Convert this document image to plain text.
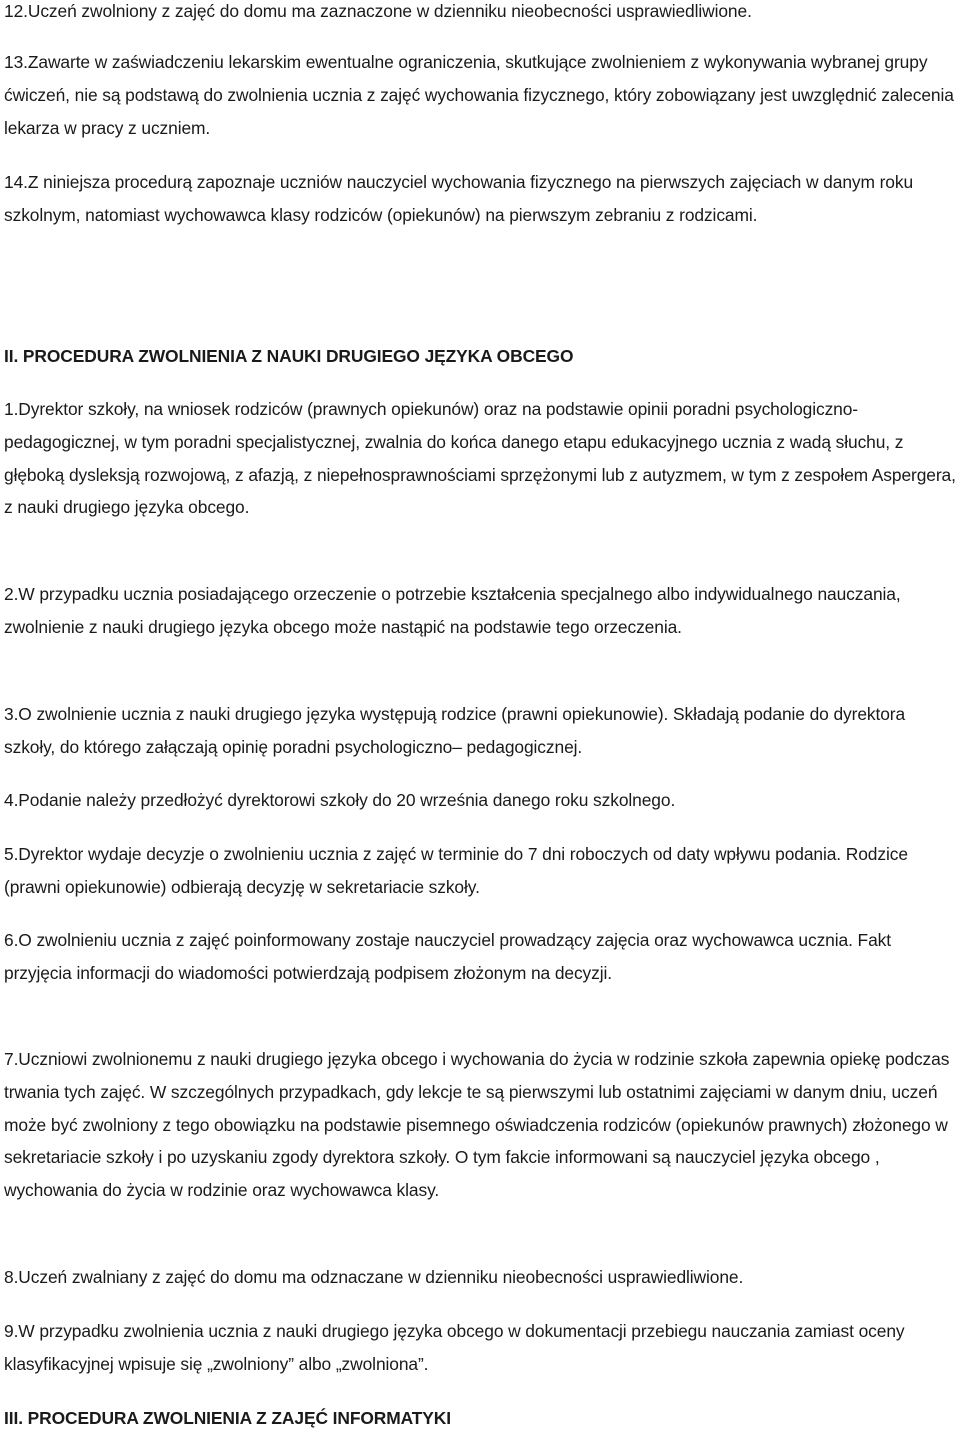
12.Uczeń zwolniony z zajęć do domu ma zaznaczone w dzienniku nieobecności usprawiedliwione.

13.Zawarte w zaświadczeniu lekarskim ewentualne ograniczenia, skutkujące zwolnieniem z wykonywania wybranej grupy ćwiczeń, nie są podstawą do zwolnienia ucznia z zajęć wychowania fizycznego, który zobowiązany jest uwzględnić zalecenia lekarza w pracy z uczniem.

14.Z niniejsza procedurą zapoznaje uczniów nauczyciel wychowania fizycznego na pierwszych zajęciach w danym roku szkolnym, natomiast wychowawca klasy rodziców (opiekunów) na pierwszym zebraniu z rodzicami.

II. PROCEDURA ZWOLNIENIA Z NAUKI DRUGIEGO JĘZYKA OBCEGO

1.Dyrektor szkoły, na wniosek rodziców (prawnych opiekunów) oraz na podstawie opinii poradni psychologiczno-pedagogicznej, w tym poradni specjalistycznej, zwalnia do końca danego etapu edukacyjnego ucznia z wadą słuchu, z głęboką dysleksją rozwojową, z afazją, z niepełnosprawnościami sprzężonymi lub z autyzmem, w tym z zespołem Aspergera, z nauki drugiego języka obcego.

2.W przypadku ucznia posiadającego orzeczenie o potrzebie kształcenia specjalnego albo indywidualnego nauczania, zwolnienie z nauki drugiego języka obcego może nastąpić na podstawie tego orzeczenia.

3.O zwolnienie ucznia z nauki drugiego języka występują rodzice (prawni opiekunowie). Składają podanie do dyrektora szkoły, do którego załączają opinię poradni psychologiczno– pedagogicznej.

4.Podanie należy przedłożyć dyrektorowi szkoły do 20 września danego roku szkolnego.

5.Dyrektor wydaje decyzje o zwolnieniu ucznia z zajęć w terminie do 7 dni roboczych od daty wpływu podania. Rodzice (prawni opiekunowie) odbierają decyzję w sekretariacie szkoły.

6.O zwolnieniu ucznia z zajęć poinformowany zostaje nauczyciel prowadzący zajęcia oraz wychowawca ucznia. Fakt przyjęcia informacji do wiadomości potwierdzają podpisem złożonym na decyzji.

7.Uczniowi zwolnionemu z nauki drugiego języka obcego i wychowania do życia w rodzinie szkoła zapewnia opiekę podczas trwania tych zajęć. W szczególnych przypadkach, gdy lekcje te są pierwszymi lub ostatnimi zajęciami w danym dniu, uczeń może być zwolniony z tego obowiązku na podstawie pisemnego oświadczenia rodziców (opiekunów prawnych) złożonego w sekretariacie szkoły i po uzyskaniu zgody dyrektora szkoły. O tym fakcie informowani są nauczyciel języka obcego , wychowania do życia w rodzinie oraz wychowawca klasy.

8.Uczeń zwalniany z zajęć do domu ma odznaczane w dzienniku nieobecności usprawiedliwione.

9.W przypadku zwolnienia ucznia z nauki drugiego języka obcego w dokumentacji przebiegu nauczania zamiast oceny klasyfikacyjnej wpisuje się „zwolniony” albo „zwolniona”.

III. PROCEDURA ZWOLNIENIA Z ZAJĘĆ INFORMATYKI
